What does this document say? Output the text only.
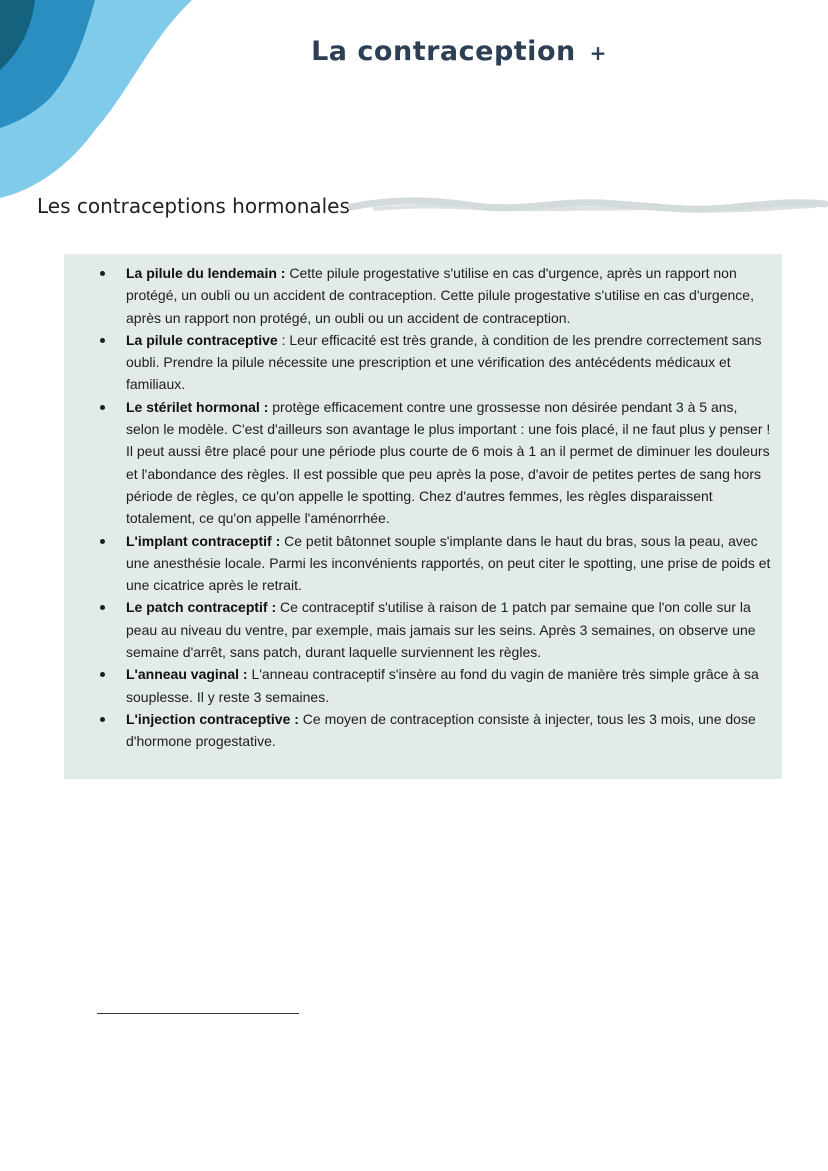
La contraception +
Les contraceptions hormonales
La pilule du lendemain : Cette pilule progestative s'utilise en cas d'urgence, après un rapport non protégé, un oubli ou un accident de contraception. Cette pilule progestative s'utilise en cas d'urgence, après un rapport non protégé, un oubli ou un accident de contraception.
La pilule contraceptive : Leur efficacité est très grande, à condition de les prendre correctement sans oubli. Prendre la pilule nécessite une prescription et une vérification des antécédents médicaux et familiaux.
Le stérilet hormonal : protège efficacement contre une grossesse non désirée pendant 3 à 5 ans, selon le modèle. C'est d'ailleurs son avantage le plus important : une fois placé, il ne faut plus y penser ! Il peut aussi être placé pour une période plus courte de 6 mois à 1 an il permet de diminuer les douleurs et l'abondance des règles. Il est possible que peu après la pose, d'avoir de petites pertes de sang hors période de règles, ce qu'on appelle le spotting. Chez d'autres femmes, les règles disparaissent totalement, ce qu'on appelle l'aménorrhée.
L'implant contraceptif : Ce petit bâtonnet souple s'implante dans le haut du bras, sous la peau, avec une anesthésie locale. Parmi les inconvénients rapportés, on peut citer le spotting, une prise de poids et une cicatrice après le retrait.
Le patch contraceptif : Ce contraceptif s'utilise à raison de 1 patch par semaine que l'on colle sur la peau au niveau du ventre, par exemple, mais jamais sur les seins. Après 3 semaines, on observe une semaine d'arrêt, sans patch, durant laquelle surviennent les règles.
L'anneau vaginal : L'anneau contraceptif s'insère au fond du vagin de manière très simple grâce à sa souplesse. Il y reste 3 semaines.
L'injection contraceptive : Ce moyen de contraception consiste à injecter, tous les 3 mois, une dose d'hormone progestative.
